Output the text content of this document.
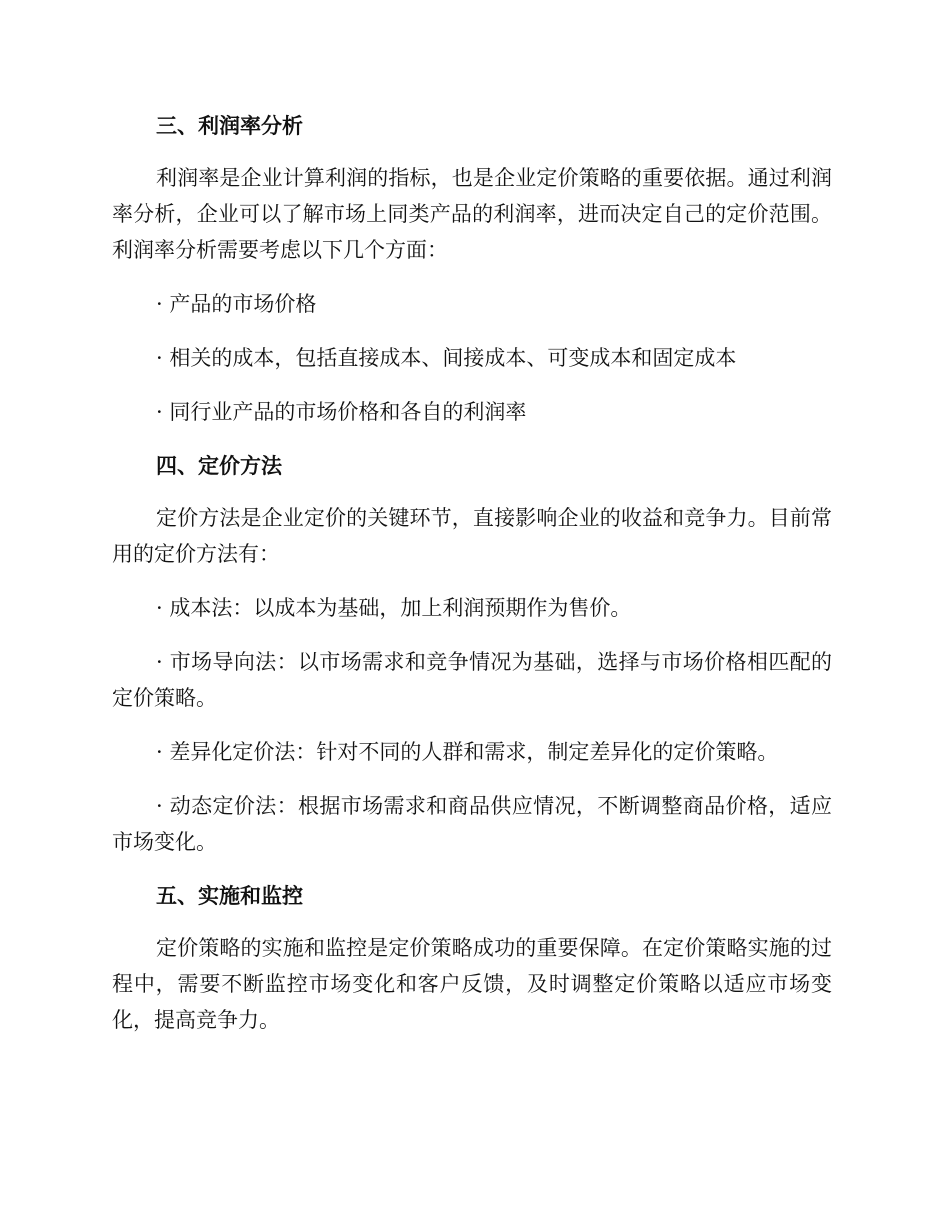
三、利润率分析

利润率是企业计算利润的指标，也是企业定价策略的重要依据。通过利润率分析，企业可以了解市场上同类产品的利润率，进而决定自己的定价范围。利润率分析需要考虑以下几个方面：

· 产品的市场价格

· 相关的成本，包括直接成本、间接成本、可变成本和固定成本

· 同行业产品的市场价格和各自的利润率

四、定价方法

定价方法是企业定价的关键环节，直接影响企业的收益和竞争力。目前常用的定价方法有：

· 成本法：以成本为基础，加上利润预期作为售价。

· 市场导向法：以市场需求和竞争情况为基础，选择与市场价格相匹配的定价策略。

· 差异化定价法：针对不同的人群和需求，制定差异化的定价策略。

· 动态定价法：根据市场需求和商品供应情况，不断调整商品价格，适应市场变化。

五、实施和监控

定价策略的实施和监控是定价策略成功的重要保障。在定价策略实施的过程中，需要不断监控市场变化和客户反馈，及时调整定价策略以适应市场变化，提高竞争力。
